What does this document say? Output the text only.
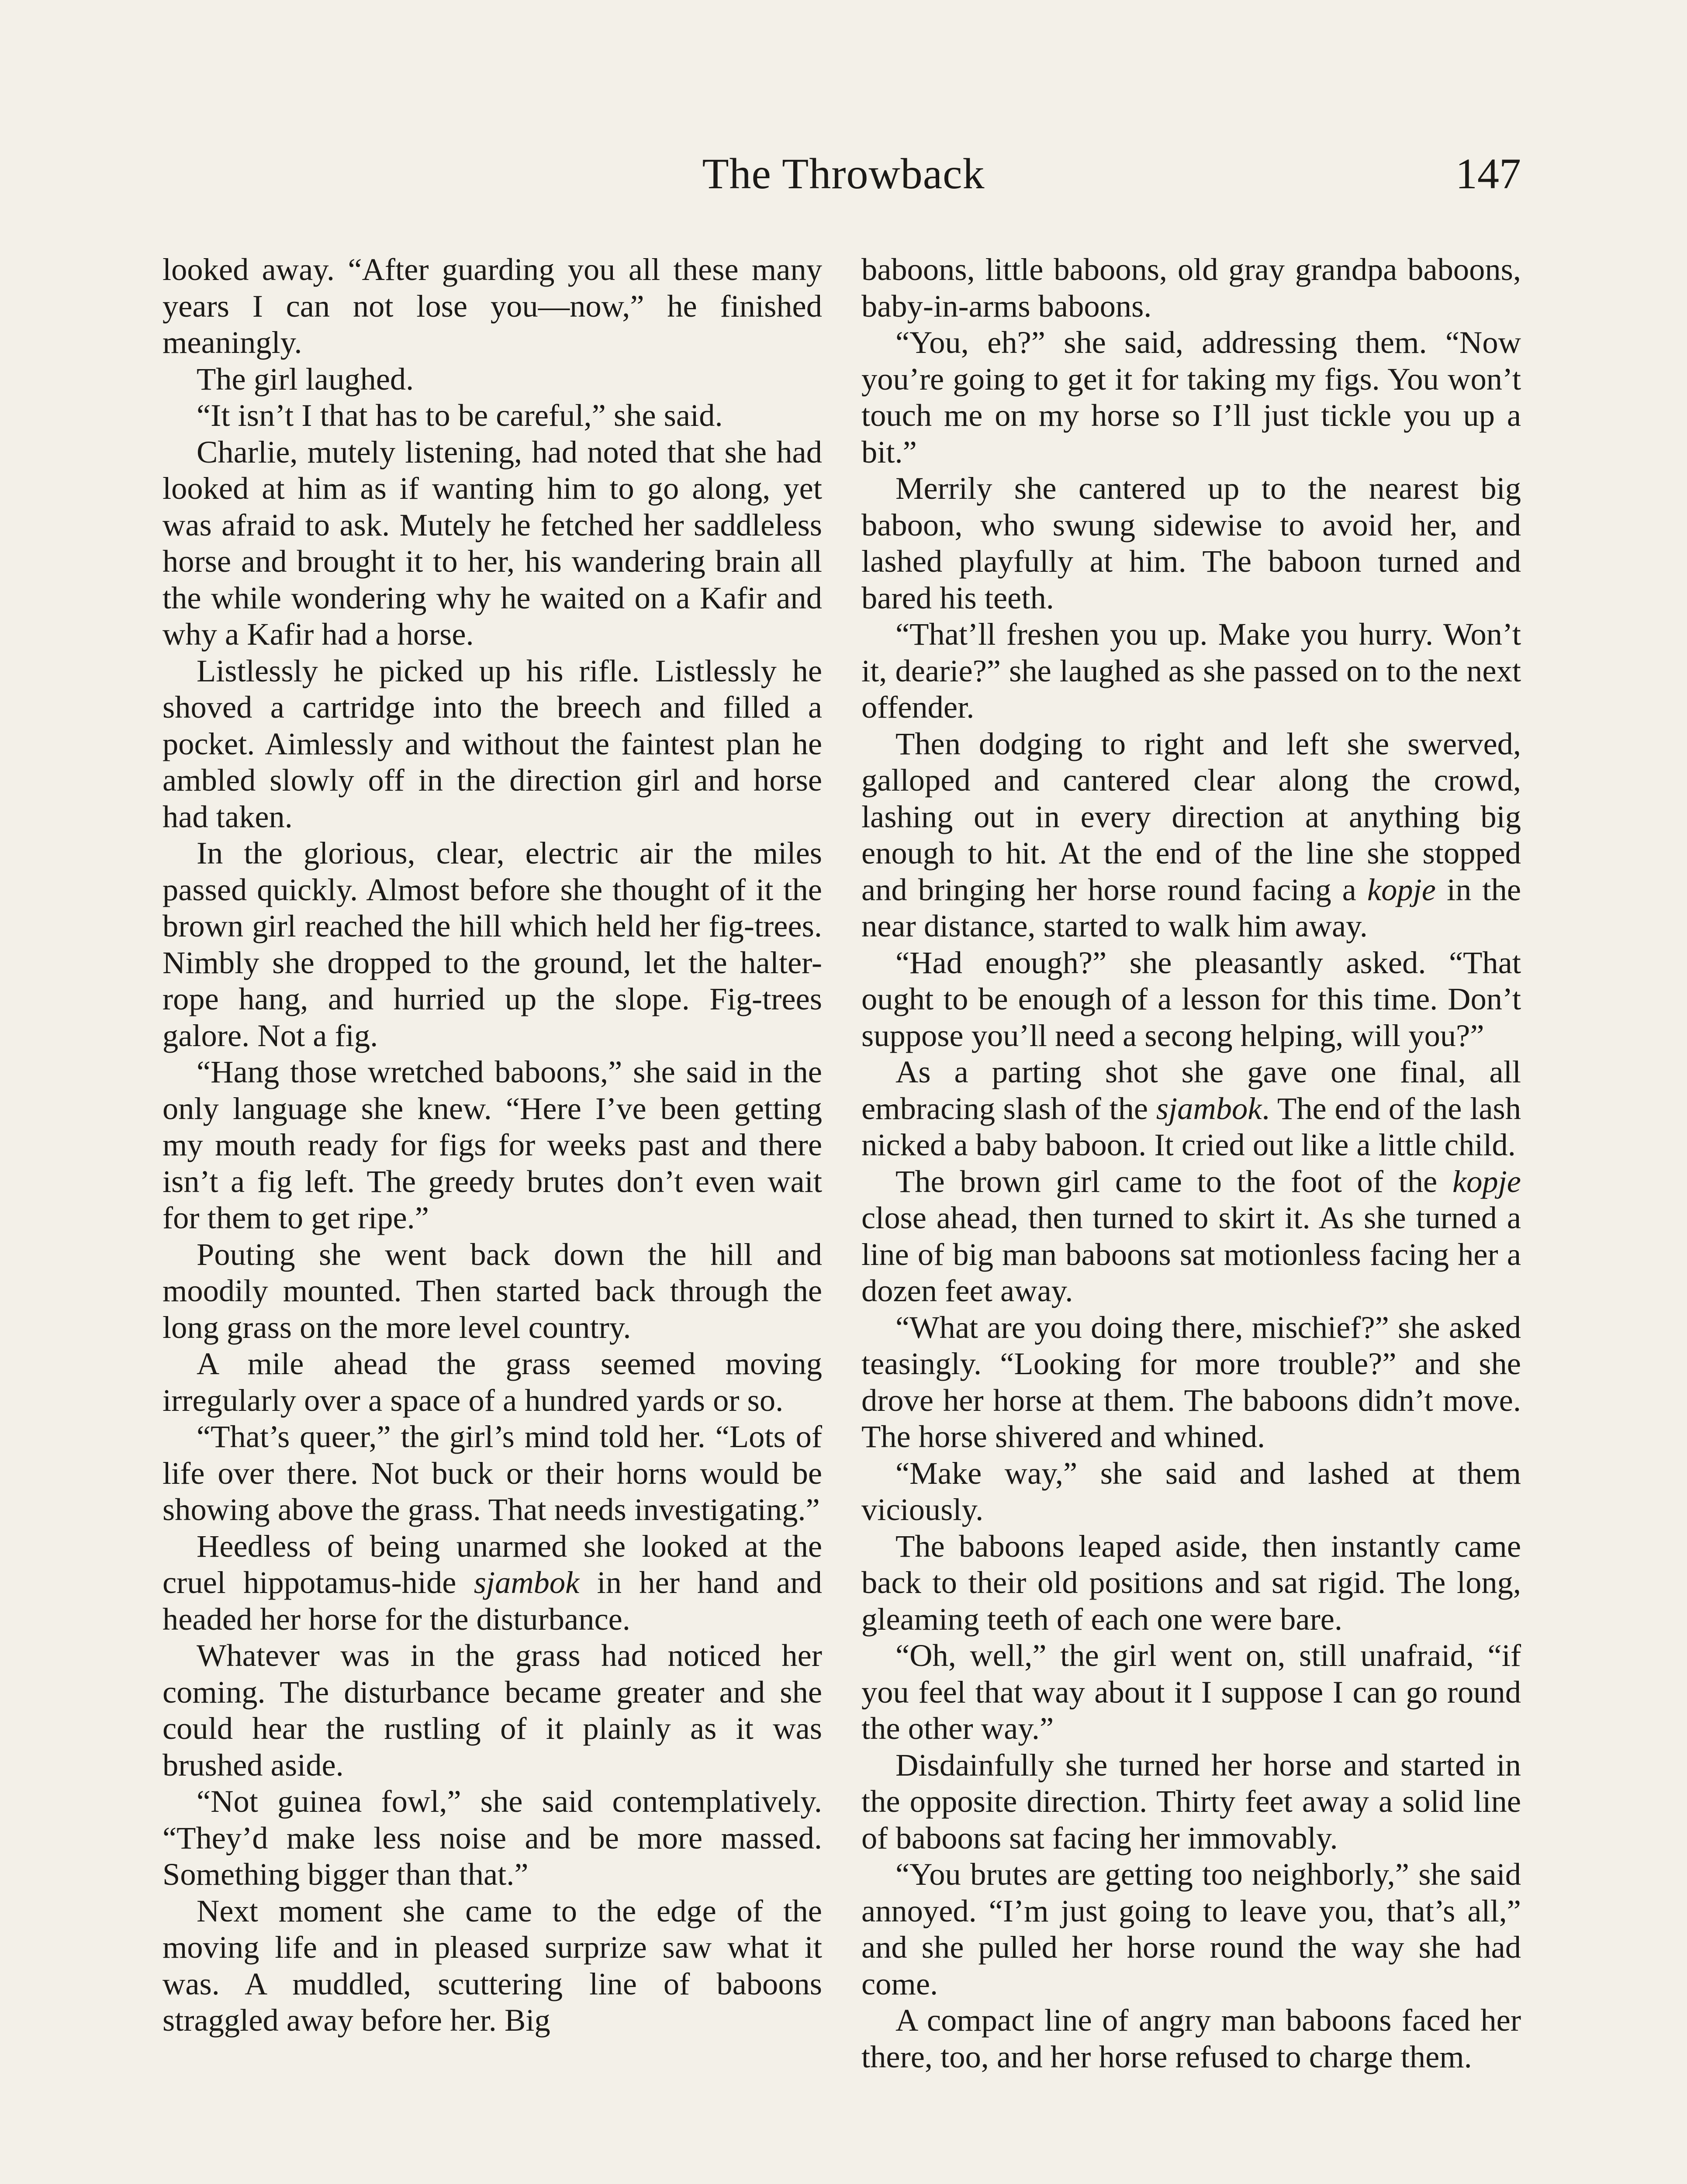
The Throwback	147

looked away. “After guarding you all these many years I can not lose you—now,” he finished meaningly.

The girl laughed.

“It isn’t I that has to be careful,” she said.

Charlie, mutely listening, had noted that she had looked at him as if wanting him to go along, yet was afraid to ask. Mutely he fetched her saddleless horse and brought it to her, his wandering brain all the while wondering why he waited on a Kafir and why a Kafir had a horse.

Listlessly he picked up his rifle. Listlessly he shoved a cartridge into the breech and filled a pocket. Aimlessly and without the faintest plan he ambled slowly off in the direction girl and horse had taken.

In the glorious, clear, electric air the miles passed quickly. Almost before she thought of it the brown girl reached the hill which held her fig-trees. Nimbly she dropped to the ground, let the halter-rope hang, and hurried up the slope. Fig-trees galore. Not a fig.

“Hang those wretched baboons,” she said in the only language she knew. “Here I’ve been getting my mouth ready for figs for weeks past and there isn’t a fig left. The greedy brutes don’t even wait for them to get ripe.”

Pouting she went back down the hill and moodily mounted. Then started back through the long grass on the more level country.

A mile ahead the grass seemed moving irregularly over a space of a hundred yards or so.

“That’s queer,” the girl’s mind told her. “Lots of life over there. Not buck or their horns would be showing above the grass. That needs investigating.”

Heedless of being unarmed she looked at the cruel hippotamus-hide sjambok in her hand and headed her horse for the disturbance.

Whatever was in the grass had noticed her coming. The disturbance became greater and she could hear the rustling of it plainly as it was brushed aside.

“Not guinea fowl,” she said contemplatively. “They’d make less noise and be more massed. Something bigger than that.”

Next moment she came to the edge of the moving life and in pleased surprize saw what it was. A muddled, scuttering line of baboons straggled away before her. Big

baboons, little baboons, old gray grandpa baboons, baby-in-arms baboons.

“You, eh?” she said, addressing them. “Now you’re going to get it for taking my figs. You won’t touch me on my horse so I’ll just tickle you up a bit.”

Merrily she cantered up to the nearest big baboon, who swung sidewise to avoid her, and lashed playfully at him. The baboon turned and bared his teeth.

“That’ll freshen you up. Make you hurry. Won’t it, dearie?” she laughed as she passed on to the next offender.

Then dodging to right and left she swerved, galloped and cantered clear along the crowd, lashing out in every direction at anything big enough to hit. At the end of the line she stopped and bringing her horse round facing a kopje in the near distance, started to walk him away.

“Had enough?” she pleasantly asked. “That ought to be enough of a lesson for this time. Don’t suppose you’ll need a secong helping, will you?”

As a parting shot she gave one final, all embracing slash of the sjambok. The end of the lash nicked a baby baboon. It cried out like a little child.

The brown girl came to the foot of the kopje close ahead, then turned to skirt it. As she turned a line of big man baboons sat motionless facing her a dozen feet away.

“What are you doing there, mischief?” she asked teasingly. “Looking for more trouble?” and she drove her horse at them. The baboons didn’t move. The horse shivered and whined.

“Make way,” she said and lashed at them viciously.

The baboons leaped aside, then instantly came back to their old positions and sat rigid. The long, gleaming teeth of each one were bare.

“Oh, well,” the girl went on, still unafraid, “if you feel that way about it I suppose I can go round the other way.”

Disdainfully she turned her horse and started in the opposite direction. Thirty feet away a solid line of baboons sat facing her immovably.

“You brutes are getting too neighborly,” she said annoyed. “I’m just going to leave you, that’s all,” and she pulled her horse round the way she had come.

A compact line of angry man baboons faced her there, too, and her horse refused to charge them.
